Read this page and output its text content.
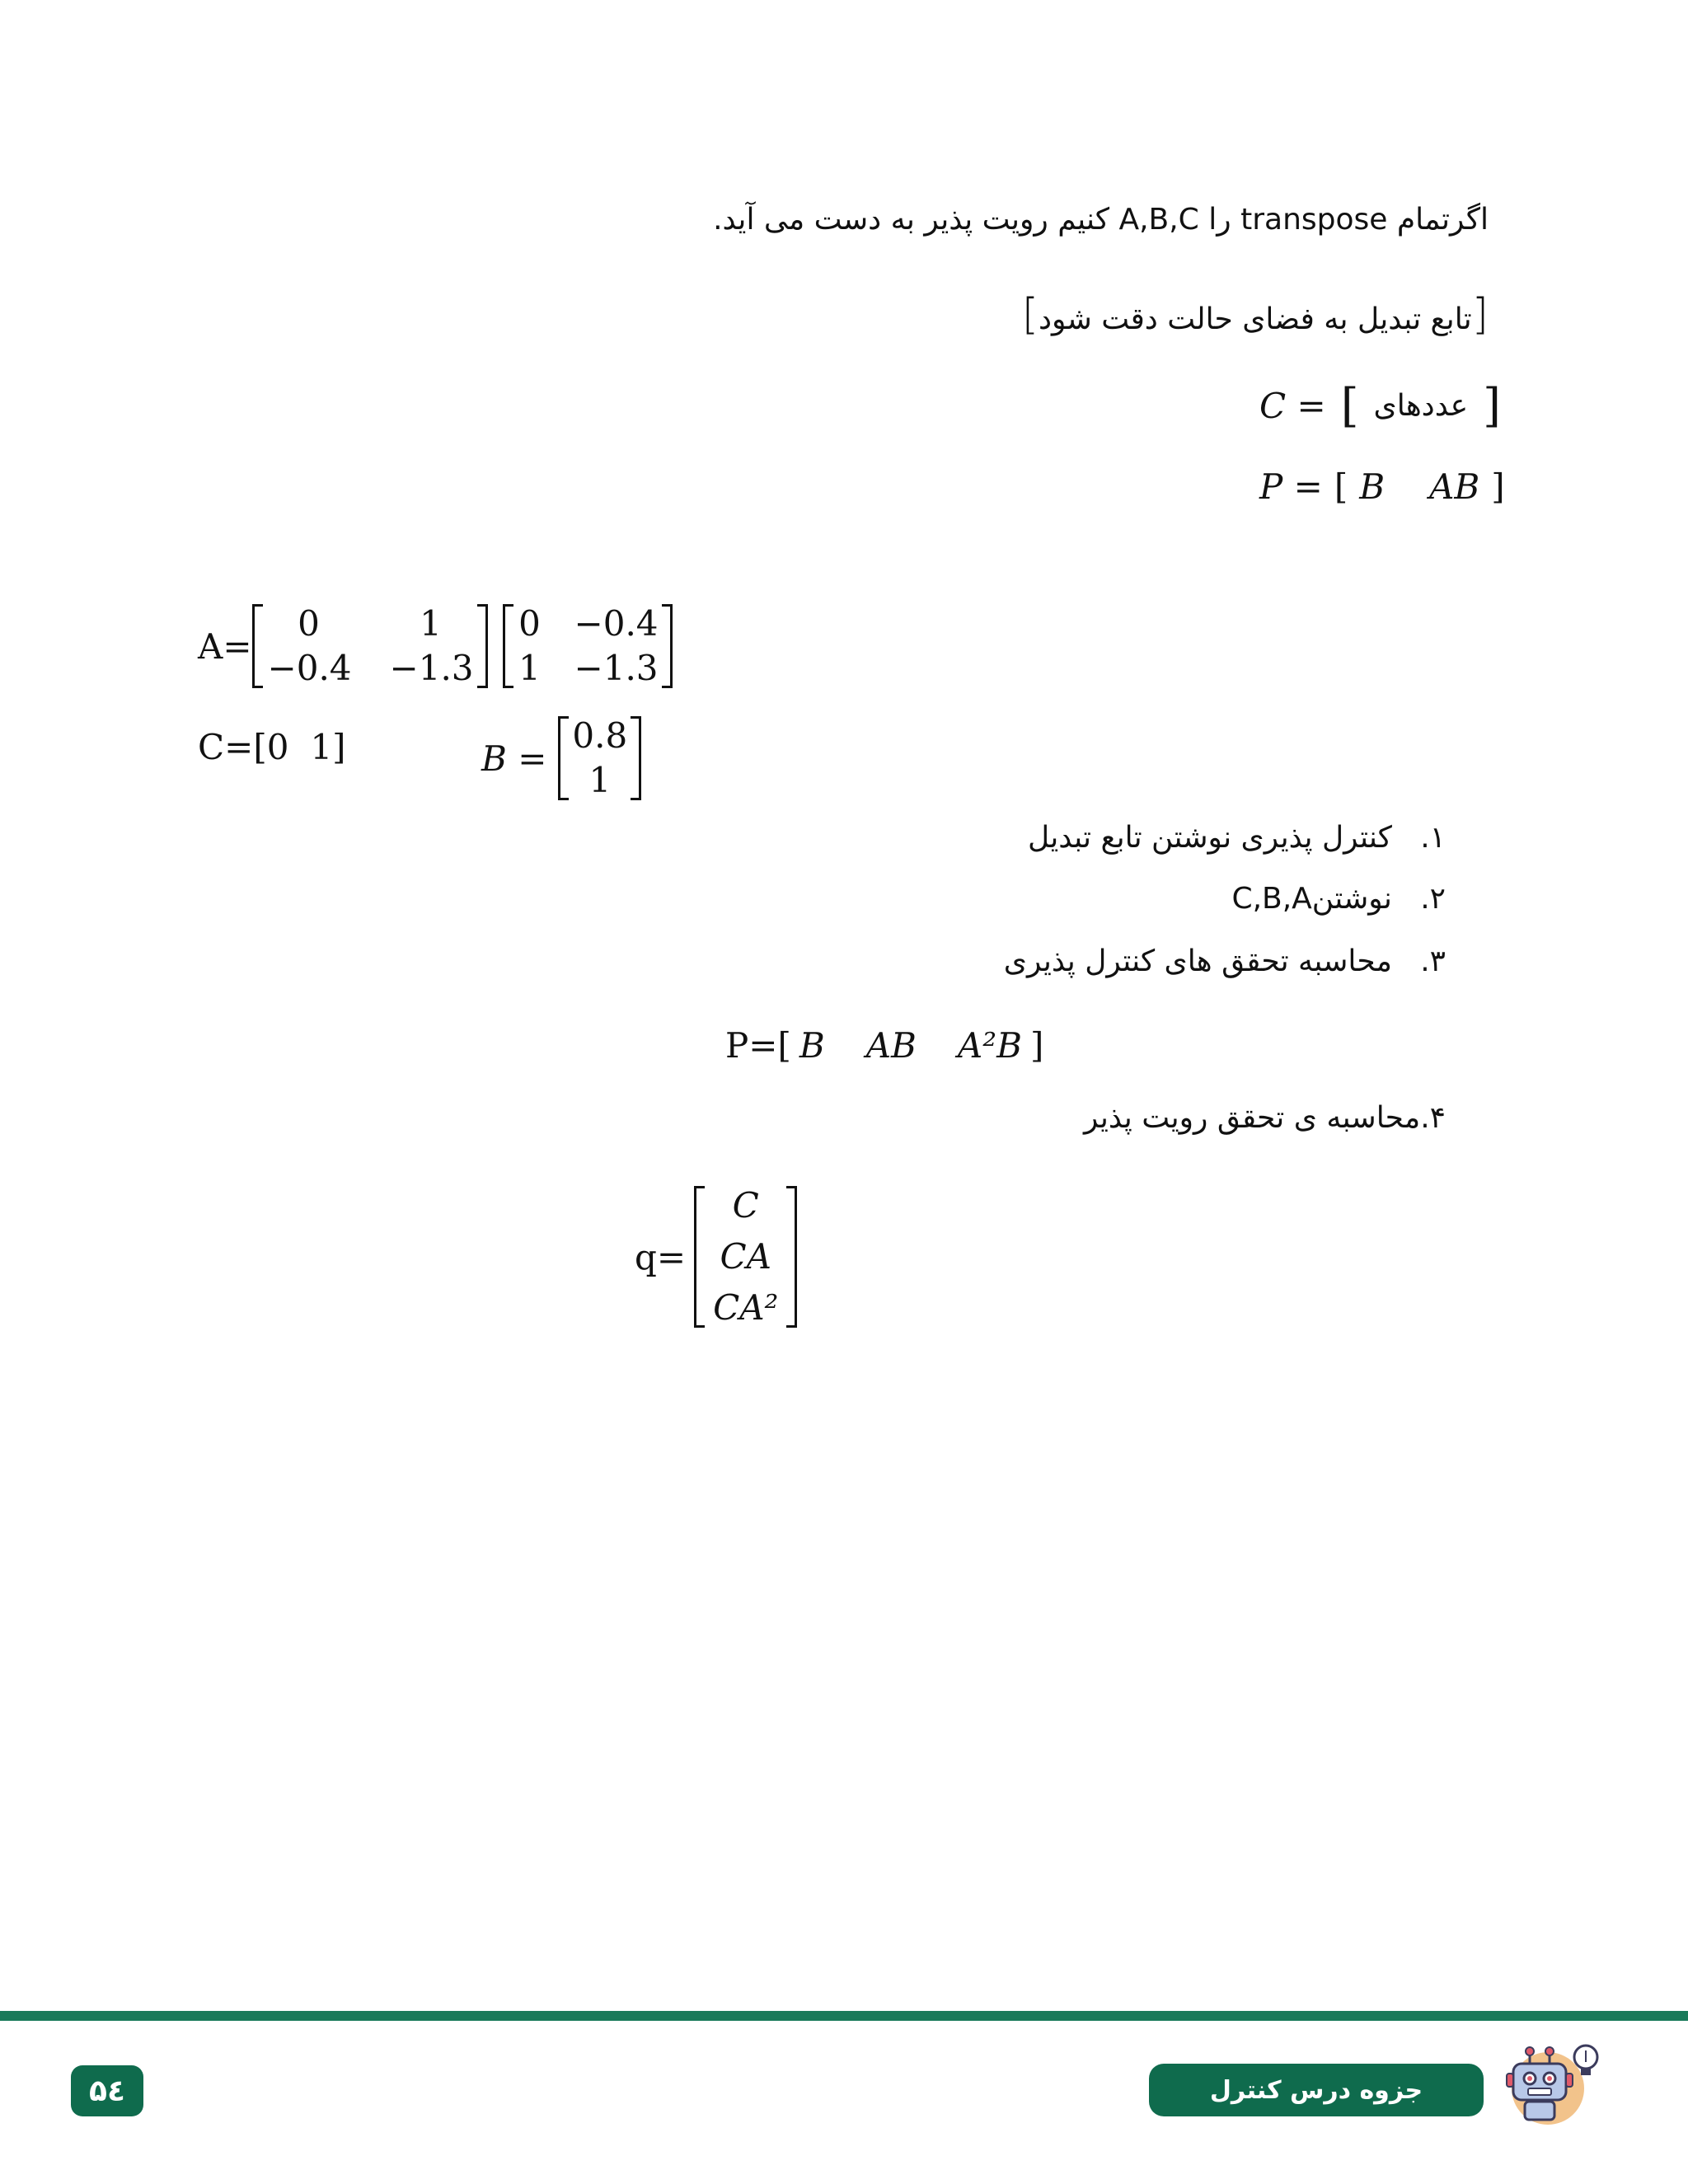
اگرتمام transpose را A,B,C کنیم رویت پذیر به دست می آید.
[تابع تبدیل به فضای حالت دقت شود]
C = [ عددهای ]
P = [ B AB ]
A=
0	1
−0.4 −1.3
0 −0.4
1 −1.3
C=[0 1]	B =
0.8
1
۱.   کنترل پذیری نوشتن تابع تبدیل
۲.   نوشتنC,B,A
۳.   محاسبه تحقق های کنترل پذیری
P=[ B AB A²B ]
۴.محاسبه ی تحقق رویت پذیر
q=
C
CA
CA²
۵٤	جزوه درس کنترل
